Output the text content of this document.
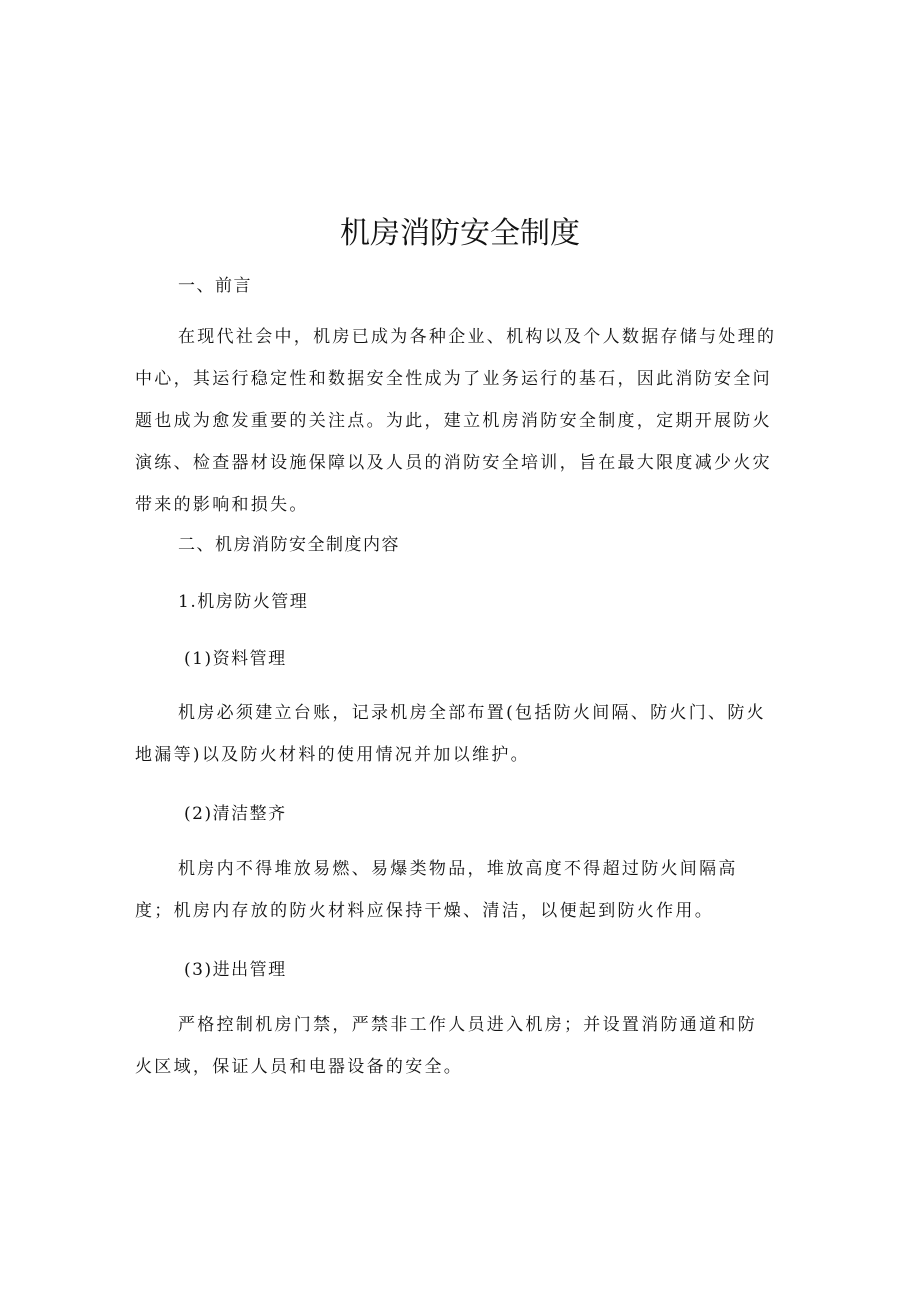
机房消防安全制度
一、前言
在现代社会中，机房已成为各种企业、机构以及个人数据存储与处理的
中心，其运行稳定性和数据安全性成为了业务运行的基石，因此消防安全问
题也成为愈发重要的关注点。为此，建立机房消防安全制度，定期开展防火
演练、检查器材设施保障以及人员的消防安全培训，旨在最大限度减少火灾
带来的影响和损失。
二、机房消防安全制度内容
1.机房防火管理
(1)资料管理
机房必须建立台账，记录机房全部布置(包括防火间隔、防火门、防火
地漏等)以及防火材料的使用情况并加以维护。
(2)清洁整齐
机房内不得堆放易燃、易爆类物品，堆放高度不得超过防火间隔高
度；机房内存放的防火材料应保持干燥、清洁，以便起到防火作用。
(3)进出管理
严格控制机房门禁，严禁非工作人员进入机房；并设置消防通道和防
火区域，保证人员和电器设备的安全。
